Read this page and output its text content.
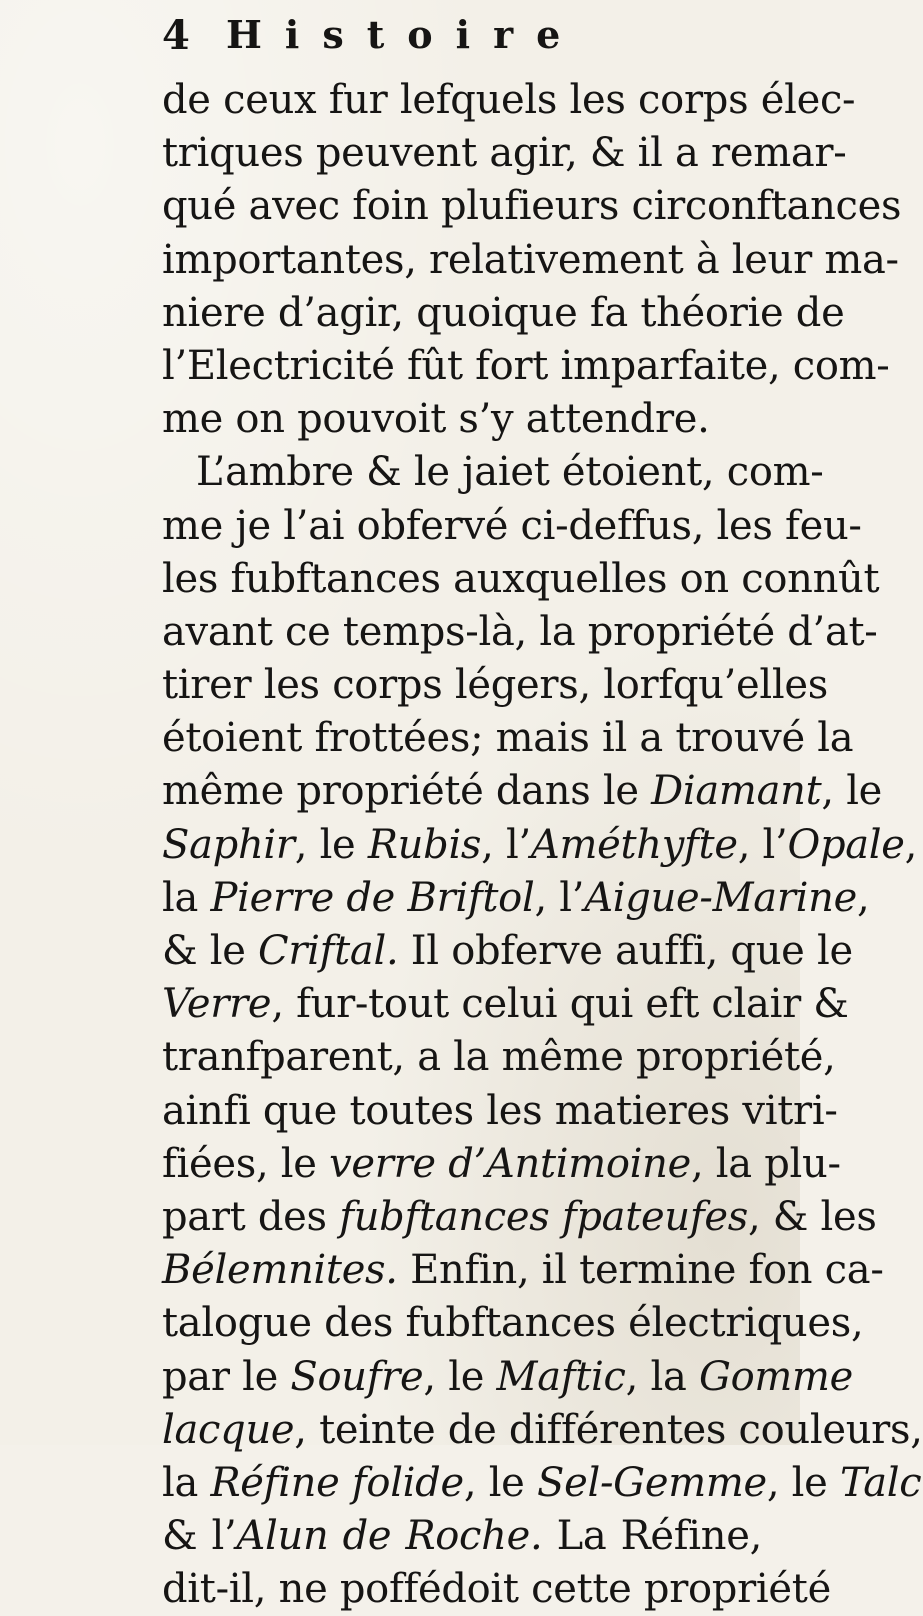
4 Histoire
de ceux fur lefquels les corps élec-
triques peuvent agir, & il a remar-
qué avec foin plufieurs circonftances
importantes, relativement à leur ma-
niere d’agir, quoique fa théorie de
l’Electricité fût fort imparfaite, com-
me on pouvoit s’y attendre.
L’ambre & le jaiet étoient, com-
me je l’ai obfervé ci-deffus, les feu-
les fubftances auxquelles on connût
avant ce temps-là, la propriété d’at-
tirer les corps légers, lorfqu’elles
étoient frottées; mais il a trouvé la
même propriété dans le Diamant, le
Saphir, le Rubis, l’Améthyfte, l’Opale,
la Pierre de Briftol, l’Aigue-Marine,
& le Criftal. Il obferve auffi, que le
Verre, fur-tout celui qui eft clair &
tranfparent, a la même propriété,
ainfi que toutes les matieres vitri-
fiées, le verre d’Antimoine, la plu-
part des fubftances fpateufes, & les
Bélemnites. Enfin, il termine fon ca-
talogue des fubftances électriques,
par le Soufre, le Maftic, la Gomme
lacque, teinte de différentes couleurs,
la Réfine folide, le Sel-Gemme, le Talc
& l’Alun de Roche. La Réfine,
dit-il, ne poffédoit cette propriété
